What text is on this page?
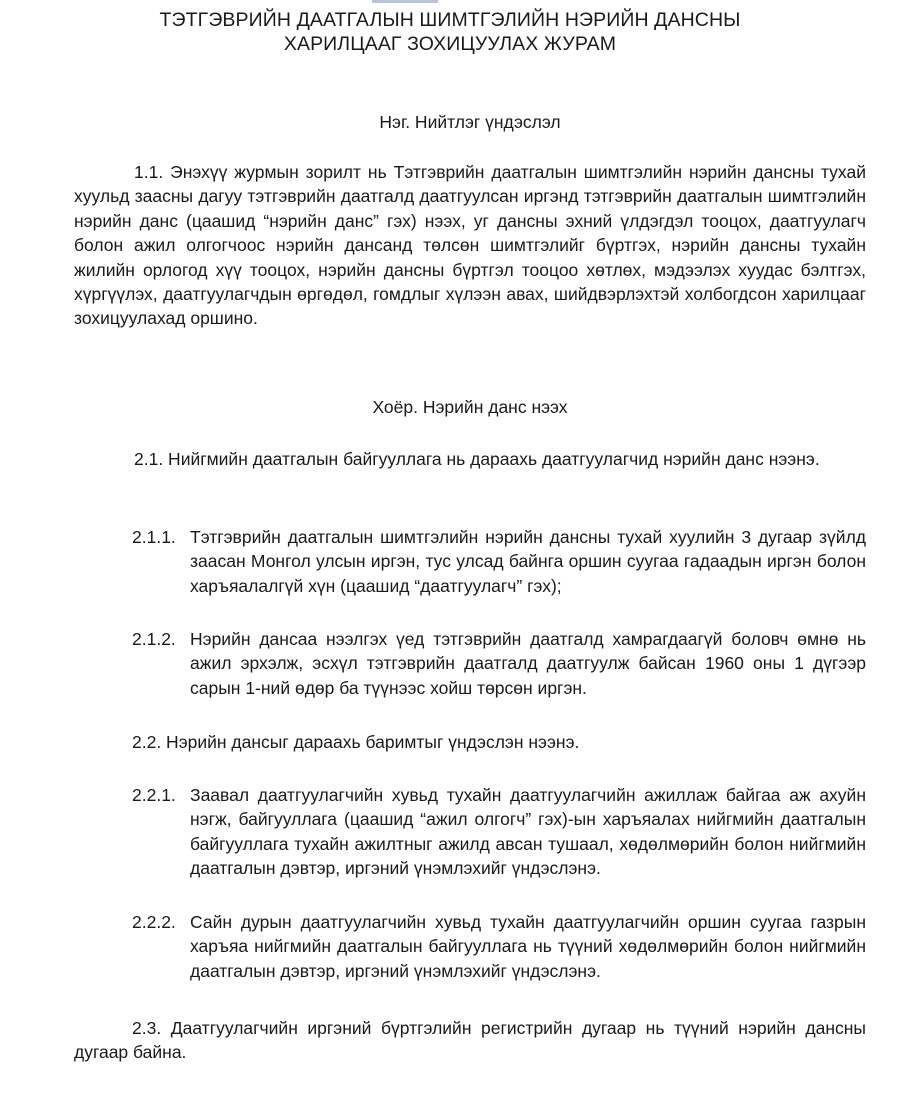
ТЭТГЭВРИЙН ДААТГАЛЫН ШИМТГЭЛИЙН НЭРИЙН ДАНСНЫ
ХАРИЛЦААГ ЗОХИЦУУЛАХ ЖУРАМ
Нэг. Нийтлэг үндэслэл

1.1. Энэхүү журмын зорилт нь Тэтгэврийн даатгалын шимтгэлийн нэрийн дансны тухай хуульд заасны дагуу тэтгэврийн даатгалд даатгуулсан иргэнд тэтгэврийн даатгалын шимтгэлийн нэрийн данс (цаашид “нэрийн данс” гэх) нээх, уг дансны эхний үлдэгдэл тооцох, даатгуулагч болон ажил олгогчоос нэрийн дансанд төлсөн шимтгэлийг бүртгэх, нэрийн дансны тухайн жилийн орлогод хүү тооцох, нэрийн дансны бүртгэл тооцоо хөтлөх, мэдээлэх хуудас бэлтгэх, хүргүүлэх, даатгуулагчдын өргөдөл, гомдлыг хүлээн авах, шийдвэрлэхтэй холбогдсон харилцааг зохицуулахад оршино.

Хоёр. Нэрийн данс нээх

2.1. Нийгмийн даатгалын байгууллага нь дараахь даатгуулагчид нэрийн данс нээнэ.

2.1.1. Тэтгэврийн даатгалын шимтгэлийн нэрийн дансны тухай хуулийн 3 дугаар зүйлд заасан Монгол улсын иргэн, тус улсад байнга оршин суугаа гадаадын иргэн болон харъяалалгүй хүн (цаашид “даатгуулагч” гэх);
2.1.2. Нэрийн дансаа нээлгэх үед тэтгэврийн даатгалд хамрагдаагүй боловч өмнө нь ажил эрхэлж, эсхүл тэтгэврийн даатгалд даатгуулж байсан 1960 оны 1 дүгээр сарын 1-ний өдөр ба түүнээс хойш төрсөн иргэн.

2.2. Нэрийн дансыг дараахь баримтыг үндэслэн нээнэ.

2.2.1. Заавал даатгуулагчийн хувьд тухайн даатгуулагчийн ажиллаж байгаа аж ахуйн нэгж, байгууллага (цаашид “ажил олгогч” гэх)-ын харъяалах нийгмийн даатгалын байгууллага тухайн ажилтныг ажилд авсан тушаал, хөдөлмөрийн болон нийгмийн даатгалын дэвтэр, иргэний үнэмлэхийг үндэслэнэ.
2.2.2. Сайн дурын даатгуулагчийн хувьд тухайн даатгуулагчийн оршин суугаа газрын харъяа нийгмийн даатгалын байгууллага нь түүний хөдөлмөрийн болон нийгмийн даатгалын дэвтэр, иргэний үнэмлэхийг үндэслэнэ.

2.3. Даатгуулагчийн иргэний бүртгэлийн регистрийн дугаар нь түүний нэрийн дансны дугаар байна.
